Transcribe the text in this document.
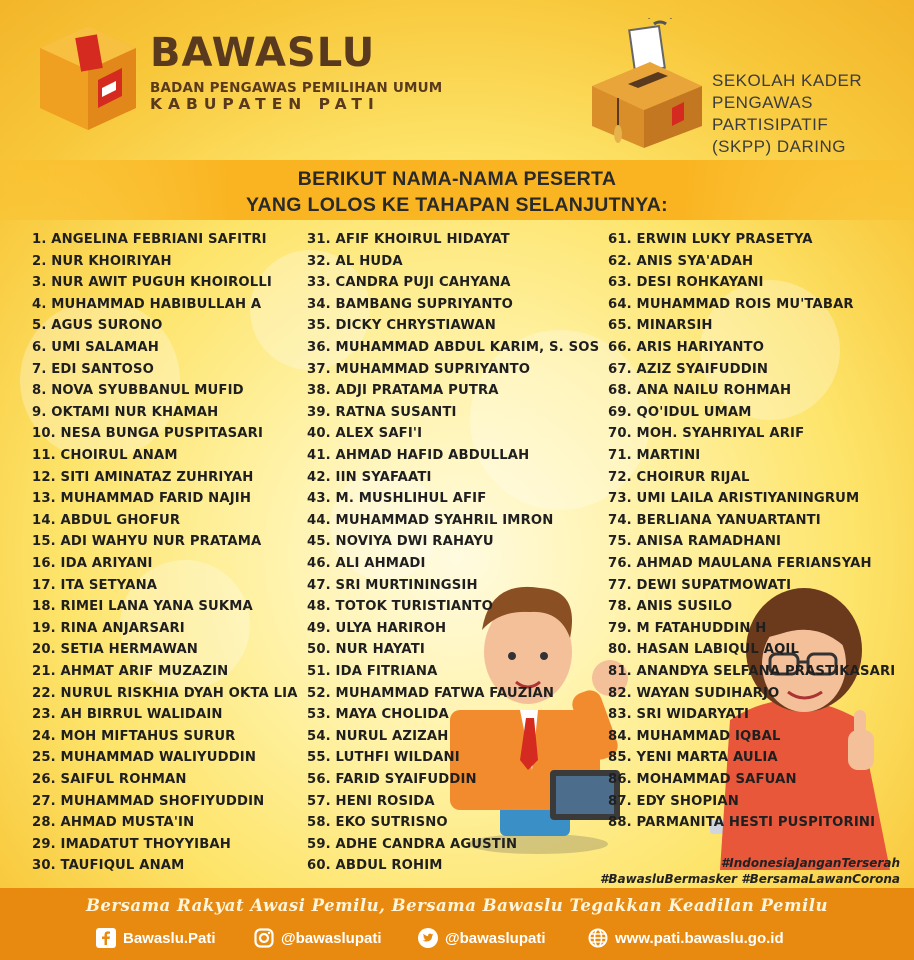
BAWASLU
BADAN PENGAWAS PEMILIHAN UMUM
KABUPATEN PATI
SEKOLAH KADER
PENGAWAS
PARTISIPATIF
(SKPP) DARING
BERIKUT NAMA-NAMA PESERTA
YANG LOLOS KE TAHAPAN SELANJUTNYA:
1. ANGELINA FEBRIANI SAFITRI
2. NUR KHOIRIYAH
3. NUR AWIT PUGUH KHOIROLLI
4. MUHAMMAD HABIBULLAH A
5. AGUS SURONO
6. UMI SALAMAH
7. EDI SANTOSO
8. NOVA SYUBBANUL MUFID
9. OKTAMI NUR KHAMAH
10. NESA BUNGA PUSPITASARI
11. CHOIRUL ANAM
12. SITI AMINATAZ ZUHRIYAH
13. MUHAMMAD FARID NAJIH
14. ABDUL GHOFUR
15. ADI WAHYU NUR PRATAMA
16. IDA ARIYANI
17. ITA SETYANA
18. RIMEI LANA YANA SUKMA
19. RINA ANJARSARI
20. SETIA HERMAWAN
21. AHMAT ARIF MUZAZIN
22. NURUL RISKHIA DYAH OKTA LIA
23. AH BIRRUL WALIDAIN
24. MOH MIFTAHUS SURUR
25. MUHAMMAD WALIYUDDIN
26. SAIFUL ROHMAN
27. MUHAMMAD SHOFIYUDDIN
28. AHMAD MUSTA'IN
29. IMADATUT THOYYIBAH
30. TAUFIQUL ANAM
31. AFIF KHOIRUL HIDAYAT
32. AL HUDA
33. CANDRA PUJI CAHYANA
34. BAMBANG SUPRIYANTO
35. DICKY CHRYSTIAWAN
36. MUHAMMAD ABDUL KARIM, S. SOS
37. MUHAMMAD SUPRIYANTO
38. ADJI PRATAMA PUTRA
39. RATNA SUSANTI
40. ALEX SAFI'I
41. AHMAD HAFID ABDULLAH
42. IIN SYAFAATI
43. M. MUSHLIHUL AFIF
44. MUHAMMAD SYAHRIL IMRON
45. NOVIYA DWI RAHAYU
46. ALI AHMADI
47. SRI MURTININGSIH
48. TOTOK TURISTIANTO
49. ULYA HARIROH
50. NUR HAYATI
51. IDA FITRIANA
52. MUHAMMAD FATWA FAUZIAN
53. MAYA CHOLIDA
54. NURUL AZIZAH
55. LUTHFI WILDANI
56. FARID SYAIFUDDIN
57. HENI ROSIDA
58. EKO SUTRISNO
59. ADHE CANDRA AGUSTIN
60. ABDUL ROHIM
61. ERWIN LUKY PRASETYA
62. ANIS SYA'ADAH
63. DESI ROHKAYANI
64. MUHAMMAD ROIS MU'TABAR
65. MINARSIH
66. ARIS HARIYANTO
67. AZIZ SYAIFUDDIN
68. ANA NAILU ROHMAH
69. QO'IDUL UMAM
70. MOH. SYAHRIYAL ARIF
71. MARTINI
72. CHOIRUR RIJAL
73. UMI LAILA ARISTIYANINGRUM
74. BERLIANA YANUARTANTI
75. ANISA RAMADHANI
76. AHMAD MAULANA FERIANSYAH
77. DEWI SUPATMOWATI
78. ANIS SUSILO
79. M FATAHUDDIN H
80. HASAN LABIQUL AQIL
81. ANANDYA SELFANA PRASTIKASARI
82. WAYAN SUDIHARJO
83. SRI WIDARYATI
84. MUHAMMAD IQBAL
85. YENI MARTA AULIA
86. MOHAMMAD SAFUAN
87. EDY SHOPIAN
88. PARMANITA HESTI PUSPITORINI
#IndonesiaJanganTerserah
#BawasluBermasker #BersamaLawanCorona
Bersama Rakyat Awasi Pemilu, Bersama Bawaslu Tegakkan Keadilan Pemilu
Bawaslu.Pati	@bawaslupati	@bawaslupati	www.pati.bawaslu.go.id
